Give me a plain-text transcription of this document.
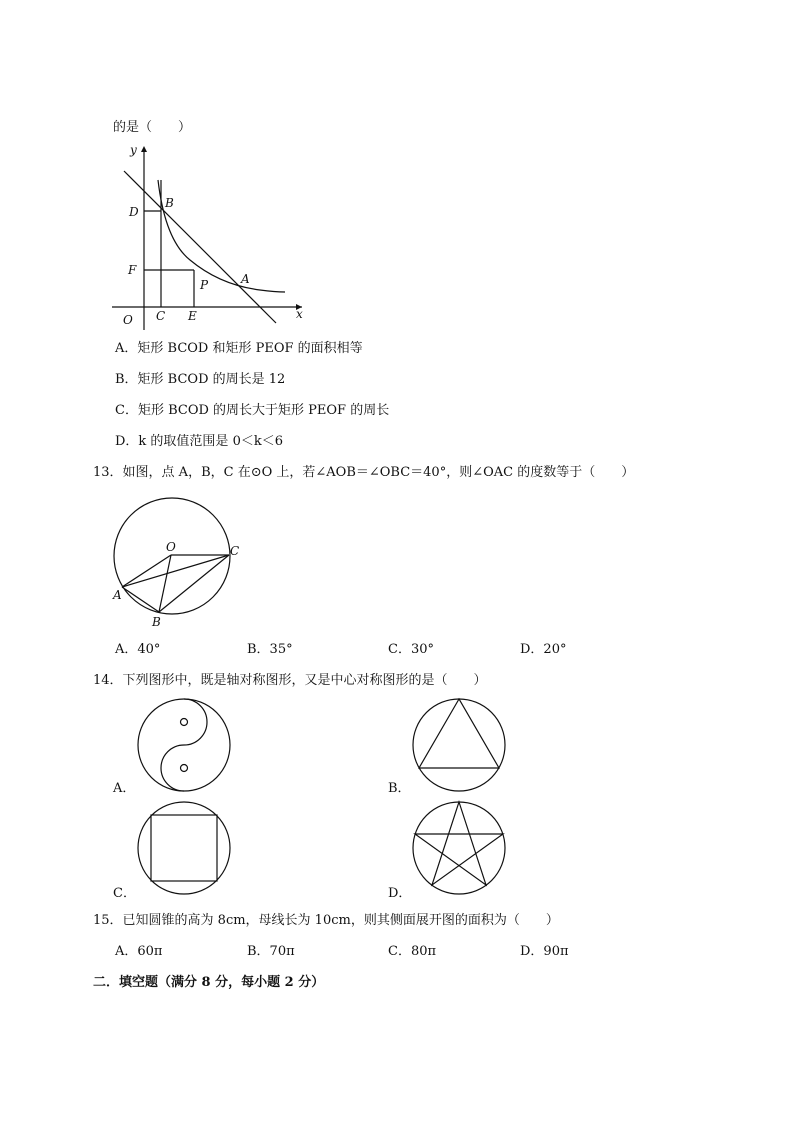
的是（　　）
y
x
O
D
B
F
P	A
C E
A．矩形 BCOD 和矩形 PEOF 的面积相等
B．矩形 BCOD 的周长是 12
C．矩形 BCOD 的周长大于矩形 PEOF 的周长
D．k 的取值范围是 0＜k＜6
13．如图，点 A，B，C 在⊙O 上，若∠AOB＝∠OBC＝40°，则∠OAC 的度数等于（　　）
O	C
A
B
A．40°	B．35°	C．30°	D．20°
14．下列图形中，既是轴对称图形，又是中心对称图形的是（　　）
A．	B．
C．	D．
15．已知圆锥的高为 8cm，母线长为 10cm，则其侧面展开图的面积为（　　）
A．60π	B．70π	C．80π	D．90π
二．填空题（满分 8 分，每小题 2 分）
